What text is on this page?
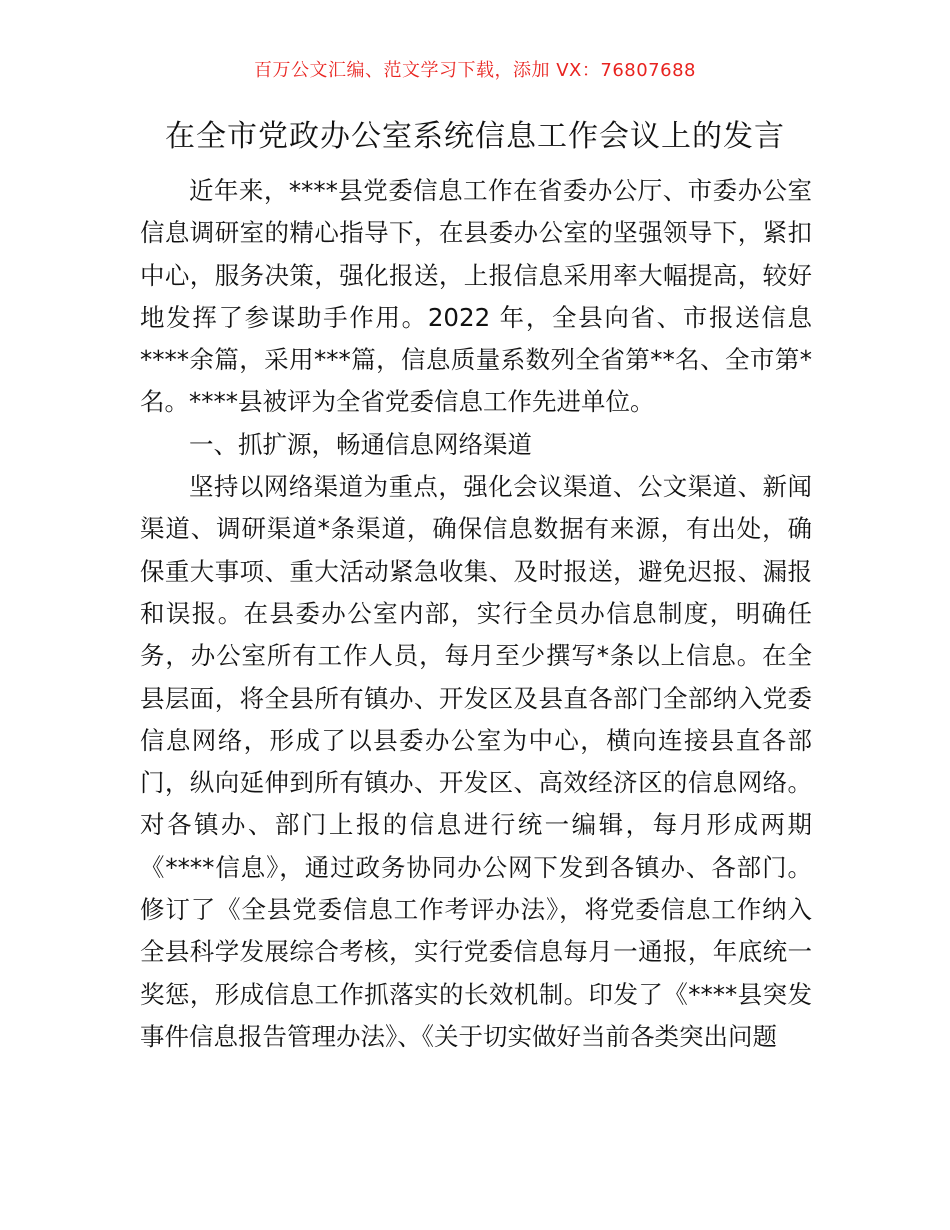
百万公文汇编、范文学习下载，添加 VX：76807688
在全市党政办公室系统信息工作会议上的发言

近年来，****县党委信息工作在省委办公厅、市委办公室信息调研室的精心指导下，在县委办公室的坚强领导下，紧扣中心，服务决策，强化报送，上报信息采用率大幅提高，较好地发挥了参谋助手作用。2022 年，全县向省、市报送信息****余篇，采用***篇，信息质量系数列全省第**名、全市第*名。****县被评为全省党委信息工作先进单位。

一、抓扩源，畅通信息网络渠道

坚持以网络渠道为重点，强化会议渠道、公文渠道、新闻渠道、调研渠道*条渠道，确保信息数据有来源，有出处，确保重大事项、重大活动紧急收集、及时报送，避免迟报、漏报和误报。在县委办公室内部，实行全员办信息制度，明确任务，办公室所有工作人员，每月至少撰写*条以上信息。在全县层面，将全县所有镇办、开发区及县直各部门全部纳入党委信息网络，形成了以县委办公室为中心，横向连接县直各部门，纵向延伸到所有镇办、开发区、高效经济区的信息网络。对各镇办、部门上报的信息进行统一编辑，每月形成两期《****信息》，通过政务协同办公网下发到各镇办、各部门。修订了《全县党委信息工作考评办法》，将党委信息工作纳入全县科学发展综合考核，实行党委信息每月一通报，年底统一奖惩，形成信息工作抓落实的长效机制。印发了《****县突发事件信息报告管理办法》、《关于切实做好当前各类突出问题
